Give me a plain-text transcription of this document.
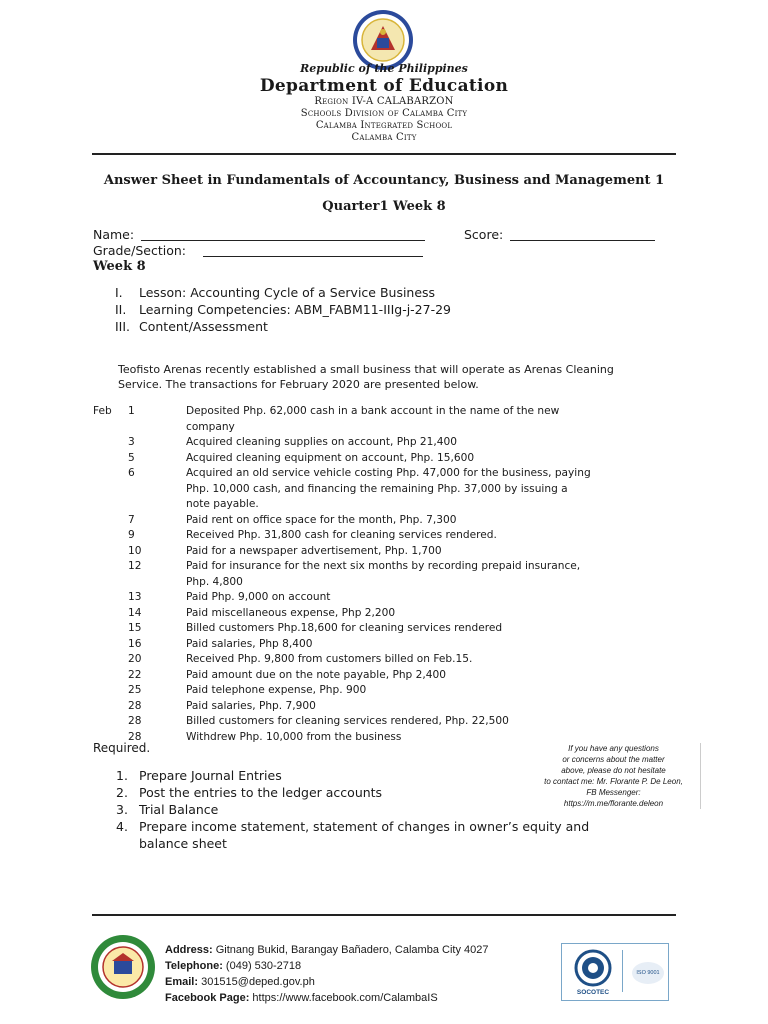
Republic of the Philippines
Department of Education
Region IV-A CALABARZON
Schools Division of Calamba City
Calamba Integrated School
Calamba City
Answer Sheet in Fundamentals of Accountancy, Business and Management 1
Quarter1 Week 8
Name:	Score:
Grade/Section:
Week 8
I.	Lesson: Accounting Cycle of a Service Business
II.	Learning Competencies: ABM_FABM11-IIIg-j-27-29
III. Content/Assessment
Teofisto Arenas recently established a small business that will operate as Arenas Cleaning Service. The transactions for February 2020 are presented below.
Feb	1	Deposited Php. 62,000 cash in a bank account in the name of the new
company
3	Acquired cleaning supplies on account, Php 21,400
5	Acquired cleaning equipment on account, Php. 15,600
6	Acquired an old service vehicle costing Php. 47,000 for the business, paying
Php. 10,000 cash, and financing the remaining Php. 37,000 by issuing a
note payable.
7	Paid rent on office space for the month, Php. 7,300
9	Received Php. 31,800 cash for cleaning services rendered.
10	Paid for a newspaper advertisement, Php. 1,700
12	Paid for insurance for the next six months by recording prepaid insurance,
Php. 4,800
13	Paid Php. 9,000 on account
14	Paid miscellaneous expense, Php 2,200
15	Billed customers Php.18,600 for cleaning services rendered
16	Paid salaries, Php 8,400
20	Received Php. 9,800 from customers billed on Feb.15.
22	Paid amount due on the note payable, Php 2,400
25	Paid telephone expense, Php. 900
28	Paid salaries, Php. 7,900
28	Billed customers for cleaning services rendered, Php. 22,500
28	Withdrew Php. 10,000 from the business
Required.
1. Prepare Journal Entries
2. Post the entries to the ledger accounts
3. Trial Balance
4. Prepare income statement, statement of changes in owner’s equity and balance sheet
If you have any questions
or concerns about the matter
above, please do not hesitate
to contact me: Mr. Florante P. De Leon,
FB Messenger:
https://m.me/florante.deleon
Address: Gitnang Bukid, Barangay Bañadero, Calamba City 4027
Telephone: (049) 530-2718
Email: 301515@deped.gov.ph
Facebook Page: https://www.facebook.com/CalambaIS	SOCOTEC
ISO 9001
